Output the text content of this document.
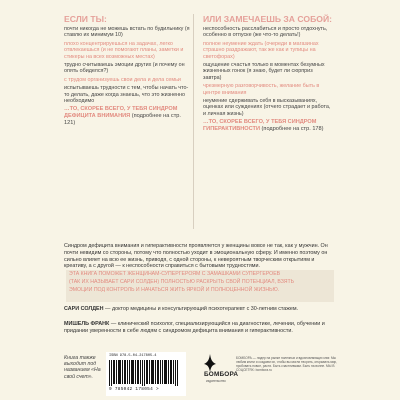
ЕСЛИ ТЫ:

почти никогда не можешь встать по будильнику (я ставлю их минимум 10)

плохо концентрируешься на задачах, легко отвлекаешься (и не помогают планы, заметки и стикеры на всех возможных местах)

трудно считываешь эмоции других (и почему он опять обиделся?)

с трудом организуешь свои дела и дела семьи

испытываешь трудности с тем, чтобы начать что-то делать, даже когда знаешь, что это жизненно необходимо

…ТО, СКОРЕЕ ВСЕГО, У ТЕБЯ СИНДРОМ ДЕФИЦИТА ВНИМАНИЯ (подробнее на стр. 121)
ИЛИ ЗАМЕЧАЕШЬ ЗА СОБОЙ:

неспособность расслабиться и просто отдохнуть, особенно в отпуске (же что-то делать!)

полное неумение ждать (очереди в магазинах страшно раздражают, так же как и тупицы на светофорах)

ощущение счастья только в моментах безумных жизненных гонок (я знаю, будет ли сюрприз завтра)

чрезмерную разговорчивость, желание быть в центре внимания

неумение сдерживать себя в высказываниях, оценках или суждениях (отчего страдает и работа, и личная жизнь)

…ТО, СКОРЕЕ ВСЕГО, У ТЕБЯ СИНДРОМ ГИПЕРАКТИВНОСТИ (подробнее на стр. 178)

Синдром дефицита внимания и гиперактивности проявляется у женщины вовсе не так, как у мужчин. Он почти невидим со стороны, потому что полностью уходит в эмоциональную сферу. И именно поэтому он сильно влияет на всю ее жизнь, приводя, с одной стороны, к невероятным творческим открытиям и креативу, а с другой — к неспособности справиться с бытовыми трудностями.

ЭТА КНИГА ПОМОЖЕТ ЖЕНЩИНАМ-СУПЕРГЕРОЯМ С ЗАМАШКАМИ СУПЕРГЕРОЕВ
(ТАК ИХ НАЗЫВАЕТ САРИ СОЛДЕН) ПОЛНОСТЬЮ РАСКРЫТЬ СВОЙ ПОТЕНЦИАЛ, ВЗЯТЬ
ЭМОЦИИ ПОД КОНТРОЛЬ И НАЧАТЬСЯ ЖИТЬ ЯРКОЙ И ПОЛНОЦЕННОЙ ЖИЗНЬЮ.

САРИ СОЛДЕН — доктор медицины и консультирующий психотерапевт с 30-летним стажем.

МИШЕЛЬ ФРАНК — клинический психолог, специализирующийся на диагностике, лечении, обучении и придании уверенности в себе людям с синдромом дефицита внимания и гиперактивности.

Книга также выходит под названием «На свой счет».

ISBN 978-5-04-217805-4
9 785042 178054 >
БОМБОРА
издательство

БОМБОРА — лидер на рынке полезных и вдохновляющих книг. Мы любим книги и создаем их, чтобы вы могли творить, открывать мир, пробовать новое, расти. Быть счастливыми. Быть на волне. МЫ В СОЦСЕТЯХ: bombora.ru
